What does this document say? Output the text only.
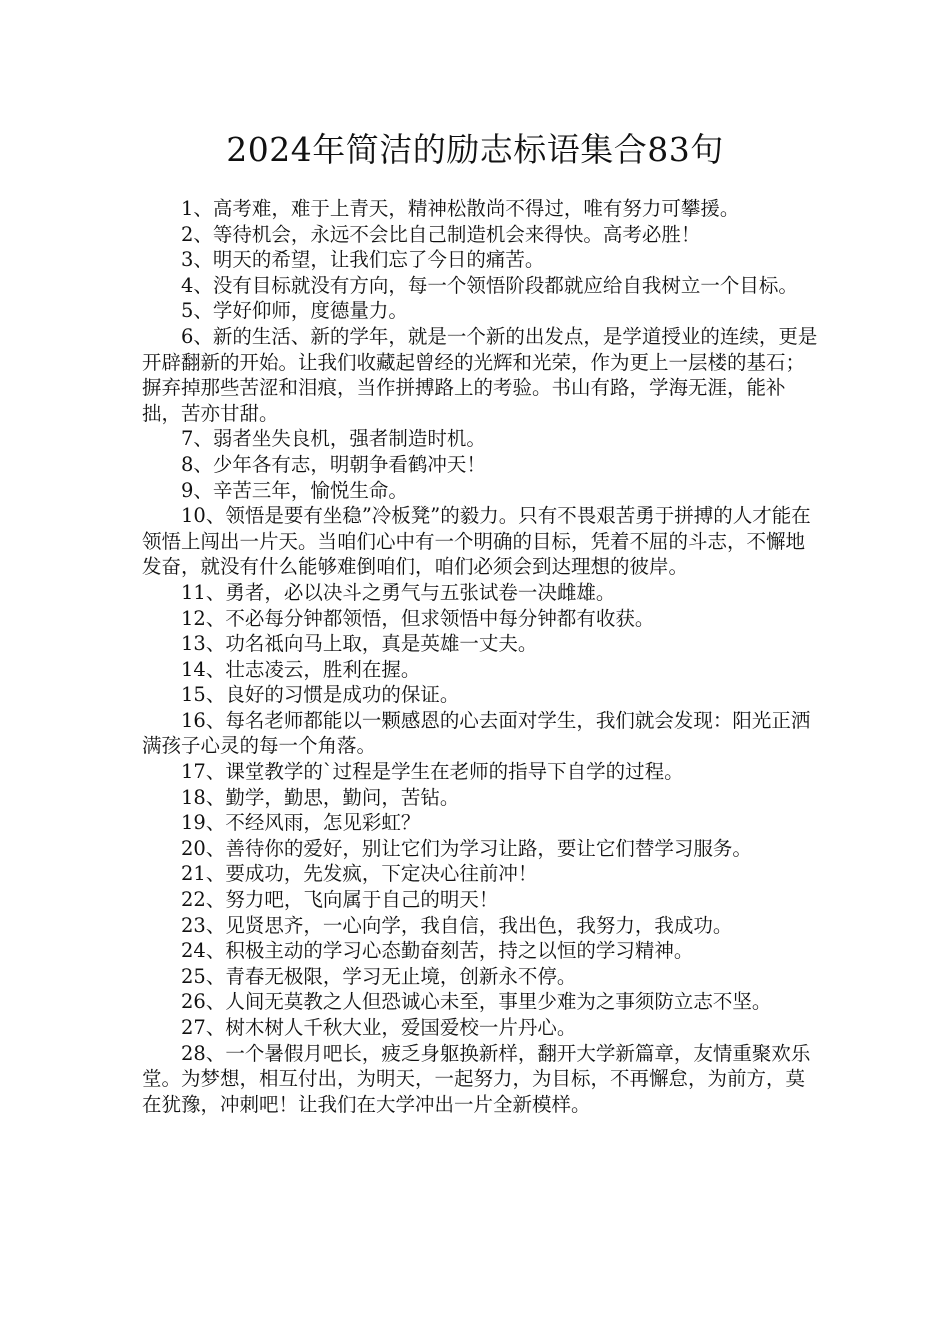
2024年简洁的励志标语集合83句

1、高考难，难于上青天，精神松散尚不得过，唯有努力可攀援。

2、等待机会，永远不会比自己制造机会来得快。高考必胜！

3、明天的希望，让我们忘了今日的痛苦。

4、没有目标就没有方向，每一个领悟阶段都就应给自我树立一个目标。

5、学好仰师，度德量力。

6、新的生活、新的学年，就是一个新的出发点，是学道授业的连续，更是开辟翻新的开始。让我们收藏起曾经的光辉和光荣，作为更上一层楼的基石；摒弃掉那些苦涩和泪痕，当作拼搏路上的考验。书山有路，学海无涯，能补拙，苦亦甘甜。

7、弱者坐失良机，强者制造时机。

8、少年各有志，明朝争看鹤冲天！

9、辛苦三年，愉悦生命。

10、领悟是要有坐稳”冷板凳”的毅力。只有不畏艰苦勇于拼搏的人才能在领悟上闯出一片天。当咱们心中有一个明确的目标，凭着不屈的斗志，不懈地发奋，就没有什么能够难倒咱们，咱们必须会到达理想的彼岸。

11、勇者，必以决斗之勇气与五张试卷一决雌雄。

12、不必每分钟都领悟，但求领悟中每分钟都有收获。

13、功名祗向马上取，真是英雄一丈夫。

14、壮志凌云，胜利在握。

15、良好的习惯是成功的保证。

16、每名老师都能以一颗感恩的心去面对学生，我们就会发现：阳光正洒满孩子心灵的每一个角落。

17、课堂教学的`过程是学生在老师的指导下自学的过程。

18、勤学，勤思，勤问，苦钻。

19、不经风雨，怎见彩虹？

20、善待你的爱好，别让它们为学习让路，要让它们替学习服务。

21、要成功，先发疯，下定决心往前冲！

22、努力吧，飞向属于自己的明天！

23、见贤思齐，一心向学，我自信，我出色，我努力，我成功。

24、积极主动的学习心态勤奋刻苦，持之以恒的学习精神。

25、青春无极限，学习无止境，创新永不停。

26、人间无莫教之人但恐诚心未至，事里少难为之事须防立志不坚。

27、树木树人千秋大业，爱国爱校一片丹心。

28、一个暑假月吧长，疲乏身躯换新样，翻开大学新篇章，友情重聚欢乐堂。为梦想，相互付出，为明天，一起努力，为目标，不再懈怠，为前方，莫在犹豫，冲刺吧！让我们在大学冲出一片全新模样。
